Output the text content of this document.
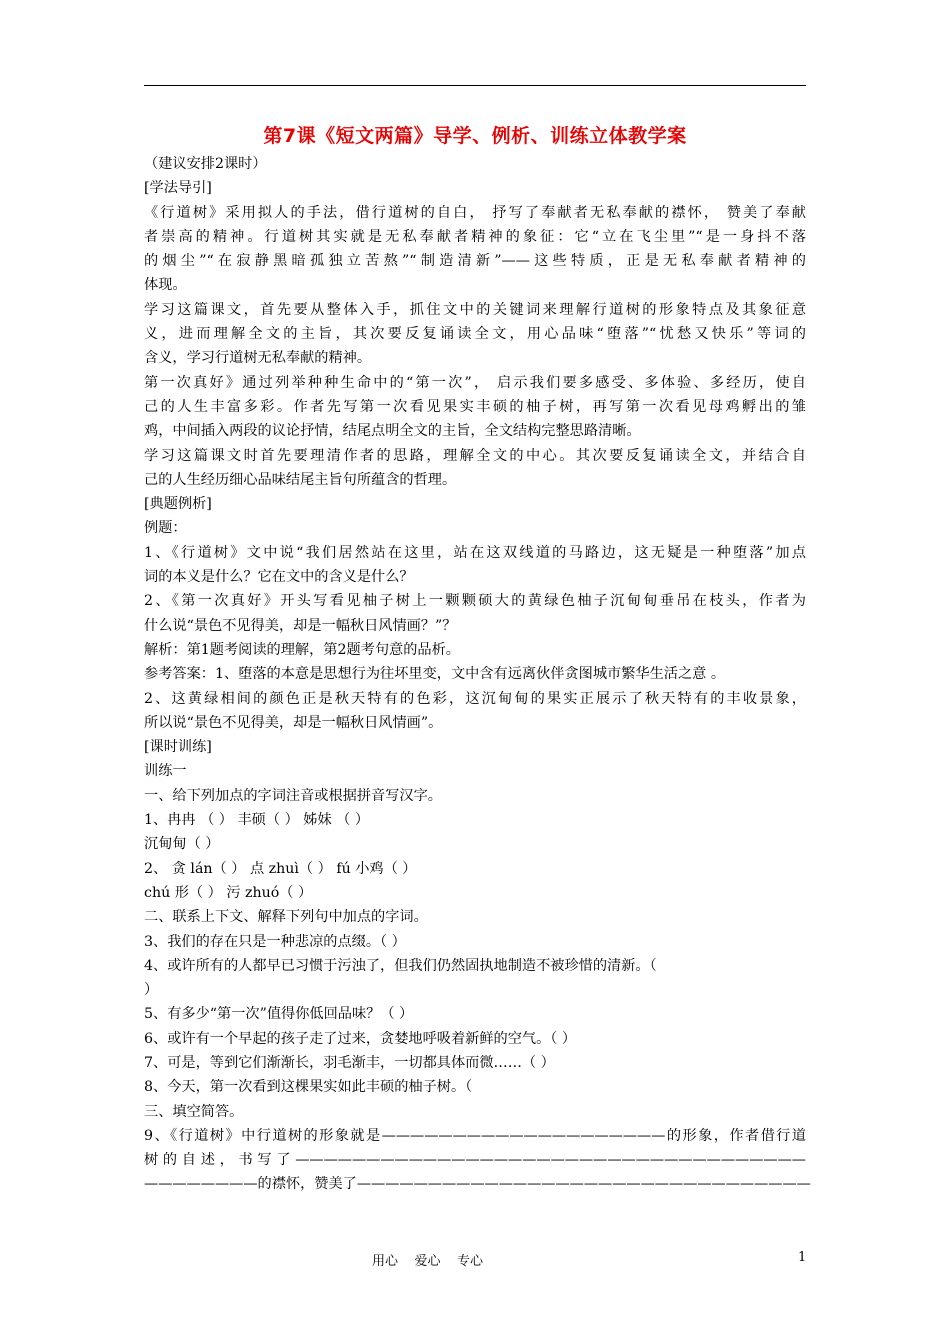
第7课《短文两篇》导学、例析、训练立体教学案
（建议安排2课时）
[学法导引]
《行道树》采用拟人的手法，借行道树的自白， 抒写了奉献者无私奉献的襟怀， 赞美了奉献
者崇高的精神。行道树其实就是无私奉献者精神的象征：它“立在飞尘里”“是一身抖不落
的烟尘”“在寂静黑暗孤独立苦熬”“制造清新”——这些特质，正是无私奉献者精神的
体现。
学习这篇课文，首先要从整体入手，抓住文中的关键词来理解行道树的形象特点及其象征意
义，进而理解全文的主旨，其次要反复诵读全文，用心品味“堕落”“忧愁又快乐”等词的
含义，学习行道树无私奉献的精神。
第一次真好》通过列举种种生命中的“第一次”， 启示我们要多感受、多体验、多经历，使自
己的人生丰富多彩。作者先写第一次看见果实丰硕的柚子树，再写第一次看见母鸡孵出的雏
鸡，中间插入两段的议论抒情，结尾点明全文的主旨，全文结构完整思路清晰。
学习这篇课文时首先要理清作者的思路，理解全文的中心。其次要反复诵读全文，并结合自
己的人生经历细心品味结尾主旨句所蕴含的哲理。
[典题例析]
例题：
1、《行道树》文中说“我们居然站在这里，站在这双线道的马路边，这无疑是一种堕落”加点
词的本义是什么？它在文中的含义是什么？
2、《第一次真好》开头写看见柚子树上一颗颗硕大的黄绿色柚子沉甸甸垂吊在枝头，作者为
什么说“景色不见得美，却是一幅秋日风情画？”？
解析：第1题考阅读的理解，第2题考句意的品析。
参考答案：1、堕落的本意是思想行为往坏里变，文中含有远离伙伴贪图城市繁华生活之意 。
2、这黄绿相间的颜色正是秋天特有的色彩，这沉甸甸的果实正展示了秋天特有的丰收景象，
所以说“景色不见得美，却是一幅秋日风情画”。
[课时训练]
训练一
一、给下列加点的字词注音或根据拼音写汉字。
1、冉冉 （ ） 丰硕（ ） 姊妹 （ ）
沉甸甸（ ）
2、 贪 lán（ ） 点 zhuì（ ） fú 小鸡（ ）
chú 形（ ） 污 zhuó（ ）
二、联系上下文、解释下列句中加点的字词。
3、我们的存在只是一种悲凉的点缀。（ ）
4、或许所有的人都早已习惯于污浊了，但我们仍然固执地制造不被珍惜的清新。（
）
5、有多少“第一次”值得你低回品味？（ ）
6、或许有一个早起的孩子走了过来，贪婪地呼吸着新鲜的空气。（ ）
7、可是，等到它们渐渐长，羽毛渐丰，一切都具体而微……（ ）
8、今天，第一次看到这棵果实如此丰硕的柚子树。（
三、填空简答。
9、《行道树》中行道树的形象就是————————————————————的形象，作者借行道
树的自述，书写了————————————————————————————————————
————————的襟怀，赞美了————————————————————————————————
用心    爱心    专心	1
